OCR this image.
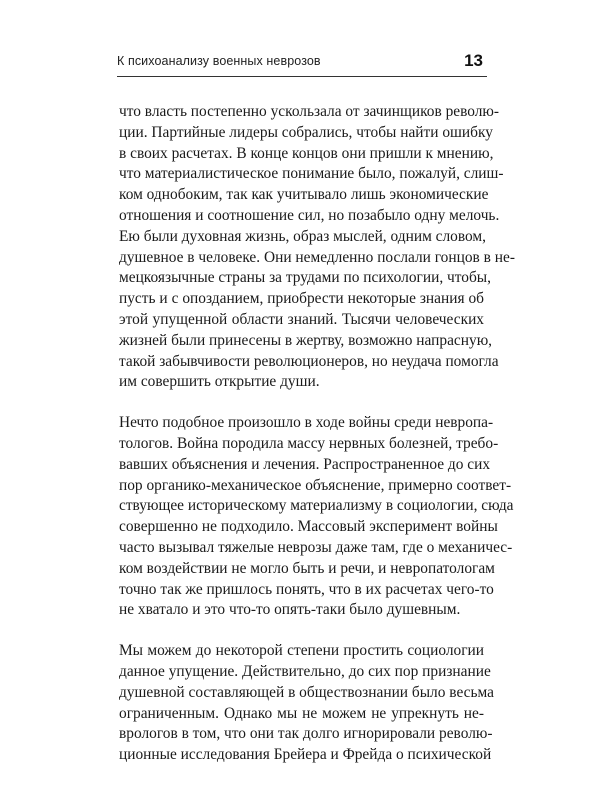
К психоанализу военных неврозов	13
что власть постепенно ускользала от зачинщиков револю-
ции. Партийные лидеры собрались, чтобы найти ошибку
в своих расчетах. В конце концов они пришли к мнению,
что материалистическое понимание было, пожалуй, слиш-
ком однобоким, так как учитывало лишь экономические
отношения и соотношение сил, но позабыло одну мелочь.
Ею были духовная жизнь, образ мыслей, одним словом,
душевное в человеке. Они немедленно послали гонцов в не-
мецкоязычные страны за трудами по психологии, чтобы,
пусть и с опозданием, приобрести некоторые знания об
этой упущенной области знаний. Тысячи человеческих
жизней были принесены в жертву, возможно напрасную,
такой забывчивости революционеров, но неудача помогла
им совершить открытие души.
Нечто подобное произошло в ходе войны среди невропа-
тологов. Война породила массу нервных болезней, требо-
вавших объяснения и лечения. Распространенное до сих
пор органико-механическое объяснение, примерно соответ-
ствующее историческому материализму в социологии, сюда
совершенно не подходило. Массовый эксперимент войны
часто вызывал тяжелые неврозы даже там, где о механичес-
ком воздействии не могло быть и речи, и невропатологам
точно так же пришлось понять, что в их расчетах чего-то
не хватало и это что-то опять-таки было душевным.
Мы можем до некоторой степени простить социологии
данное упущение. Действительно, до сих пор признание
душевной составляющей в обществознании было весьма
ограниченным. Однако мы не можем не упрекнуть не-
врологов в том, что они так долго игнорировали револю-
ционные исследования Брейера и Фрейда о психической
